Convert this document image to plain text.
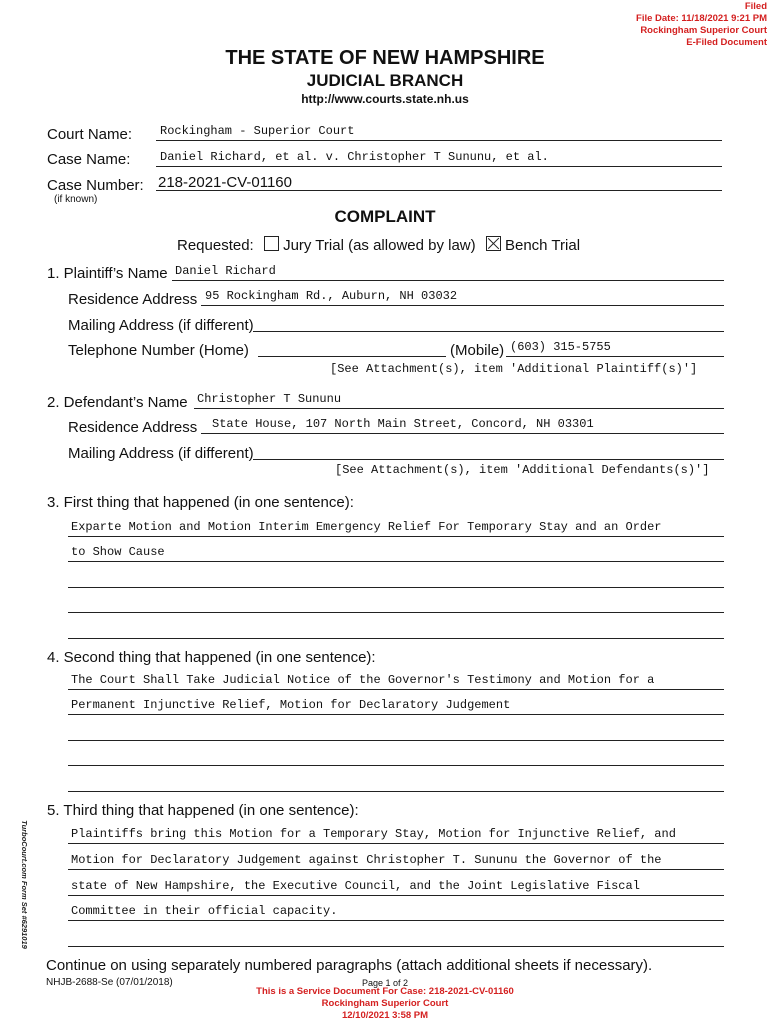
Filed
File Date: 11/18/2021 9:21 PM
Rockingham Superior Court
E-Filed Document
THE STATE OF NEW HAMPSHIRE
JUDICIAL BRANCH
http://www.courts.state.nh.us
Court Name: Rockingham - Superior Court
Case Name: Daniel Richard, et al. v. Christopher T Sununu, et al.
Case Number: 218-2021-CV-01160
(if known)
COMPLAINT
Requested: Jury Trial (as allowed by law) Bench Trial
1. Plaintiff’s Name Daniel Richard
Residence Address 95 Rockingham Rd., Auburn, NH 03032
Mailing Address (if different)
Telephone Number (Home)	(Mobile) (603) 315-5755
[See Attachment(s), item 'Additional Plaintiff(s)']
2. Defendant’s Name Christopher T Sununu
Residence Address State House, 107 North Main Street, Concord, NH 03301
Mailing Address (if different)
[See Attachment(s), item 'Additional Defendants(s)']
3. First thing that happened (in one sentence):
Exparte Motion and Motion Interim Emergency Relief For Temporary Stay and an Order
to Show Cause
4. Second thing that happened (in one sentence):
The Court Shall Take Judicial Notice of the Governor's Testimony and Motion for a
Permanent Injunctive Relief, Motion for Declaratory Judgement
5. Third thing that happened (in one sentence):
Plaintiffs bring this Motion for a Temporary Stay, Motion for Injunctive Relief, and
Motion for Declaratory Judgement against Christopher T. Sununu the Governor of the
state of New Hampshire, the Executive Council, and the Joint Legislative Fiscal
Committee in their official capacity.
Continue on using separately numbered paragraphs (attach additional sheets if necessary).
NHJB-2688-Se (07/01/2018)	Page 1 of 2
TurboCourt.com Form Set #6291019
This is a Service Document For Case: 218-2021-CV-01160
Rockingham Superior Court
12/10/2021 3:58 PM
